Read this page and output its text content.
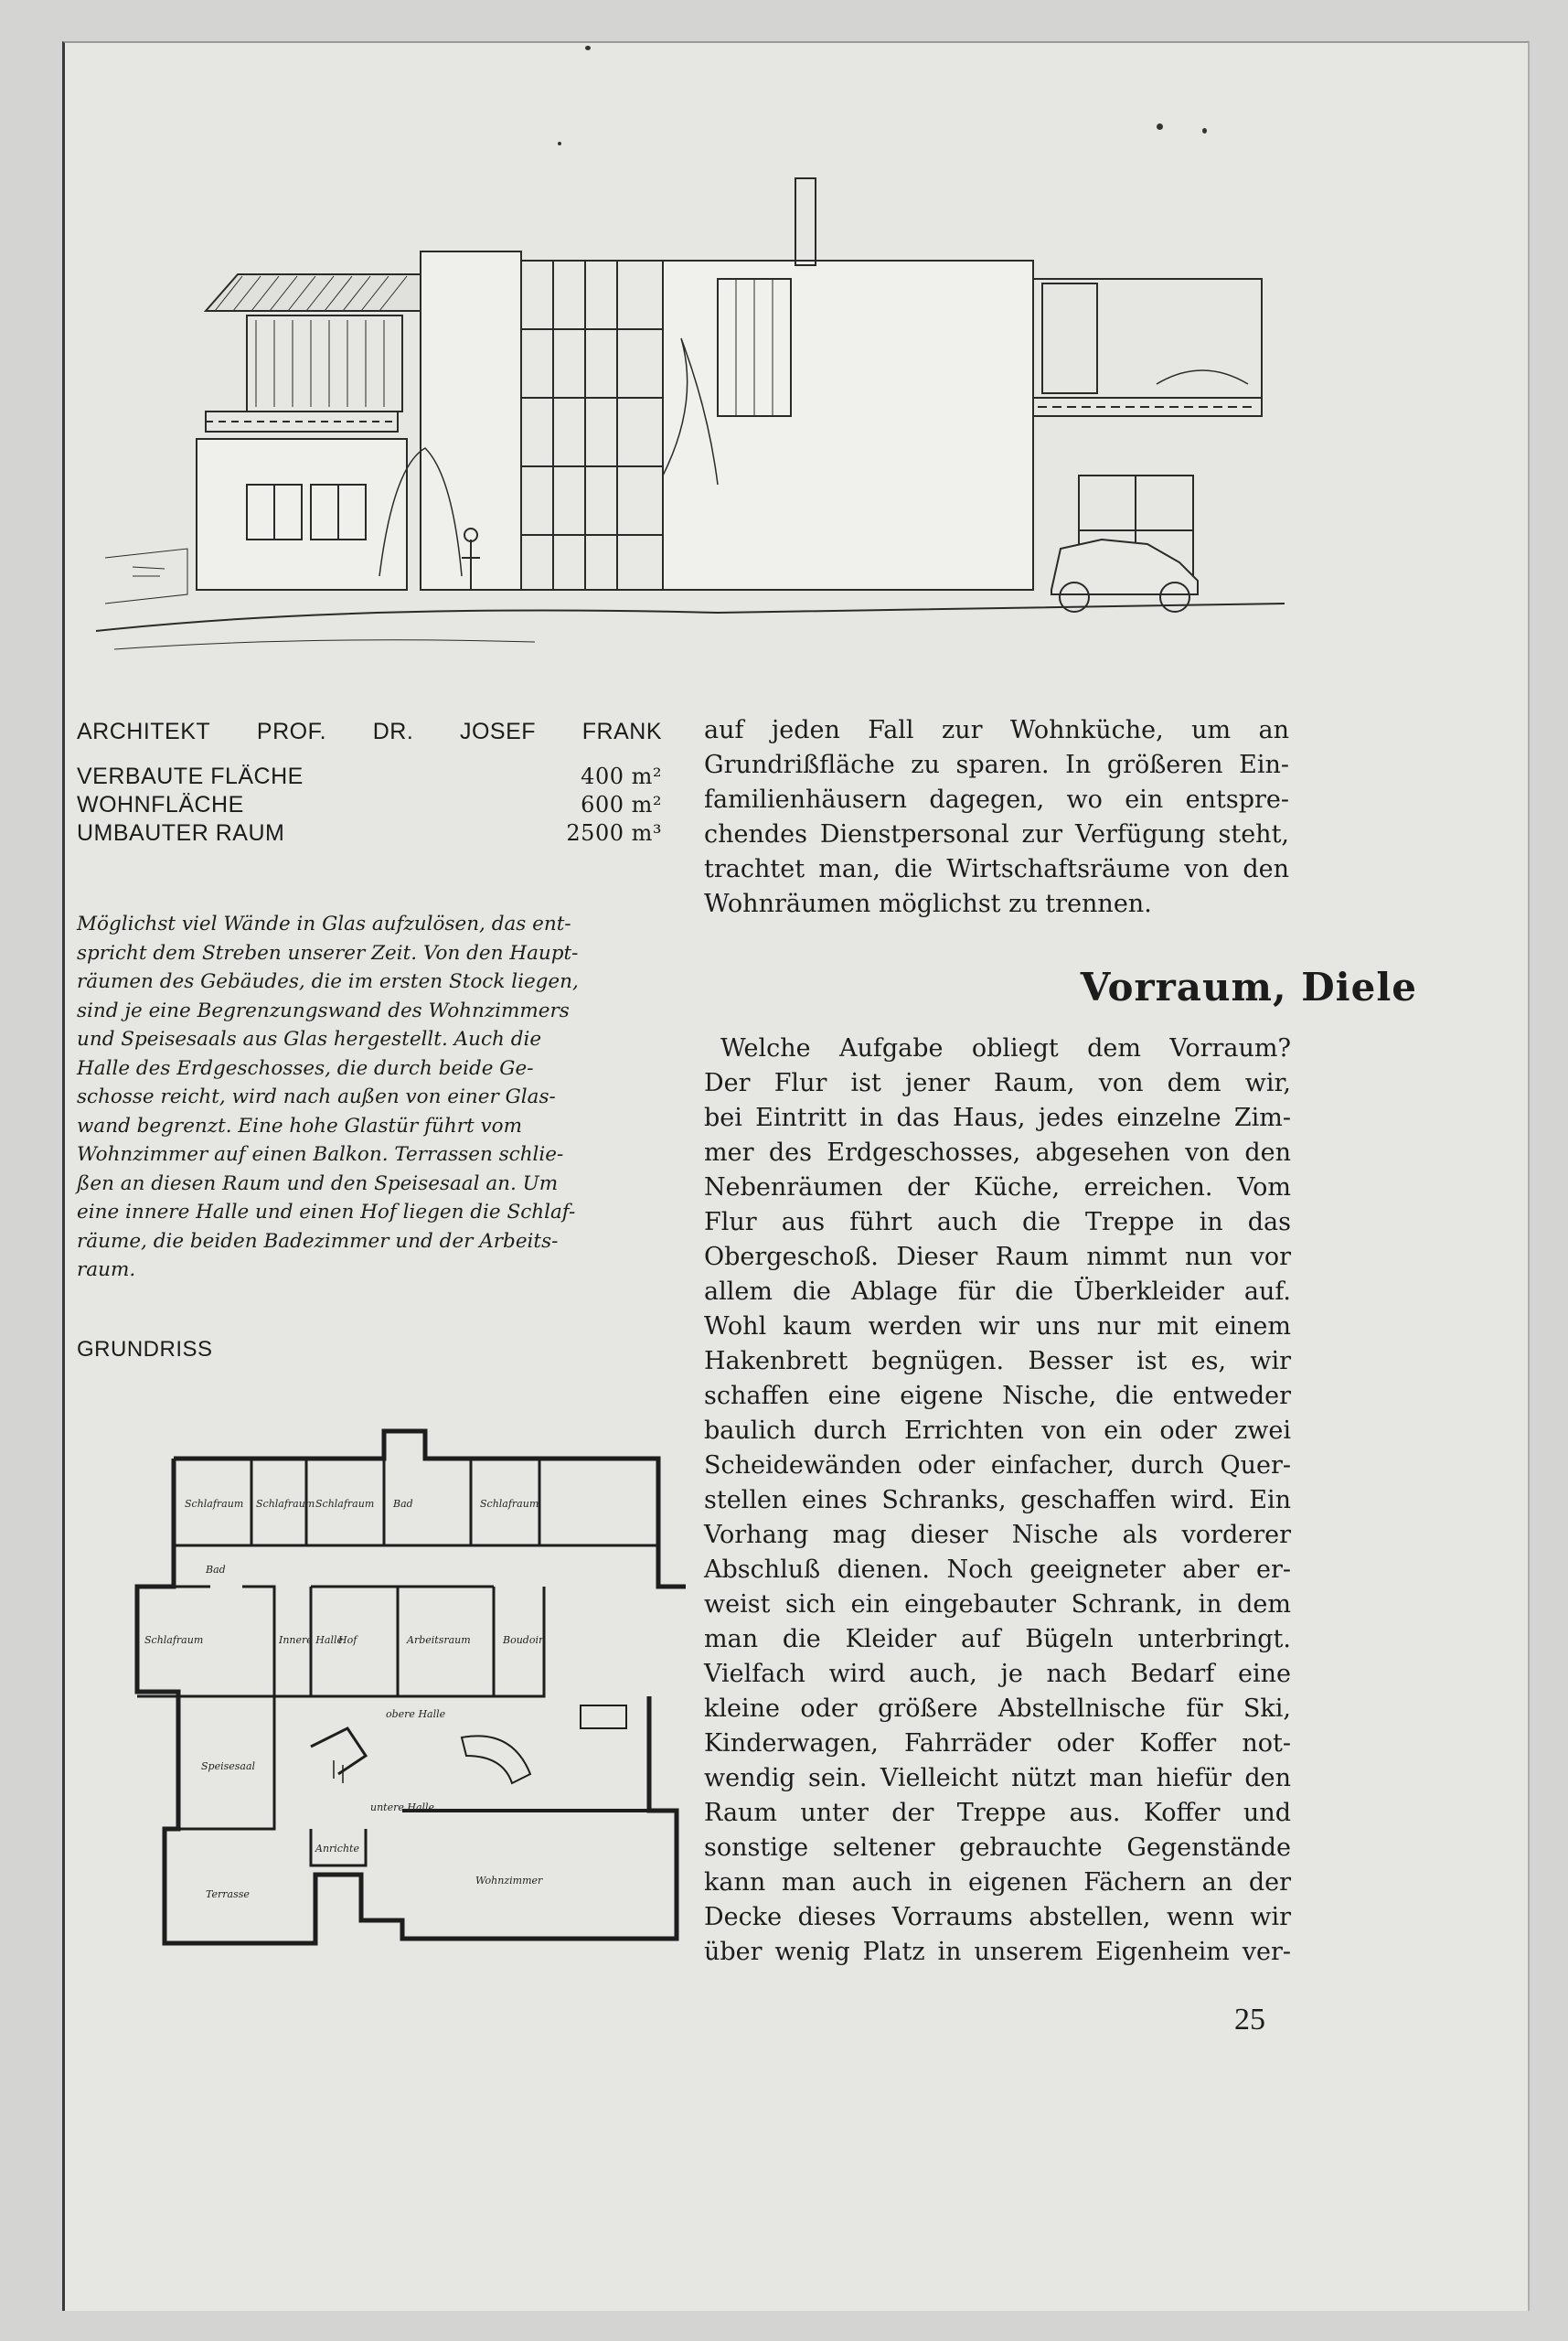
ARCHITEKT PROF. DR. JOSEF FRANK
VERBAUTE FLÄCHE	400 m²
WOHNFLÄCHE	600 m²
UMBAUTER RAUM	2500 m³
Möglichst viel Wände in Glas aufzulösen, das ent-
spricht dem Streben unserer Zeit. Von den Haupt-
räumen des Gebäudes, die im ersten Stock liegen,
sind je eine Begrenzungswand des Wohnzimmers
und Speisesaals aus Glas hergestellt. Auch die
Halle des Erdgeschosses, die durch beide Ge-
schosse reicht, wird nach außen von einer Glas-
wand begrenzt. Eine hohe Glastür führt vom
Wohnzimmer auf einen Balkon. Terrassen schlie-
ßen an diesen Raum und den Speisesaal an. Um
eine innere Halle und einen Hof liegen die Schlaf-
räume, die beiden Badezimmer und der Arbeits-
raum.
GRUNDRISS
Schlafraum Schlafraum Schlafraum Bad	Schlafraum
Bad
Schlafraum	Innere Halle
Hof	Arbeitsraum	Boudoir
obere Halle
Speisesaal
untere Halle
Terrasse
Anrichte
Wohnzimmer
auf jeden Fall zur Wohnküche, um an
Grundrißfläche zu sparen. In größeren Ein-
familienhäusern dagegen, wo ein entspre-
chendes Dienstpersonal zur Verfügung steht,
trachtet man, die Wirtschaftsräume von den
Wohnräumen möglichst zu trennen.
Vorraum, Diele
Welche Aufgabe obliegt dem Vorraum?
Der Flur ist jener Raum, von dem wir,
bei Eintritt in das Haus, jedes einzelne Zim-
mer des Erdgeschosses, abgesehen von den
Nebenräumen der Küche, erreichen. Vom
Flur aus führt auch die Treppe in das
Obergeschoß. Dieser Raum nimmt nun vor
allem die Ablage für die Überkleider auf.
Wohl kaum werden wir uns nur mit einem
Hakenbrett begnügen. Besser ist es, wir
schaffen eine eigene Nische, die entweder
baulich durch Errichten von ein oder zwei
Scheidewänden oder einfacher, durch Quer-
stellen eines Schranks, geschaffen wird. Ein
Vorhang mag dieser Nische als vorderer
Abschluß dienen. Noch geeigneter aber er-
weist sich ein eingebauter Schrank, in dem
man die Kleider auf Bügeln unterbringt.
Vielfach wird auch, je nach Bedarf eine
kleine oder größere Abstellnische für Ski,
Kinderwagen, Fahrräder oder Koffer not-
wendig sein. Vielleicht nützt man hiefür den
Raum unter der Treppe aus. Koffer und
sonstige seltener gebrauchte Gegenstände
kann man auch in eigenen Fächern an der
Decke dieses Vorraums abstellen, wenn wir
über wenig Platz in unserem Eigenheim ver-
25
